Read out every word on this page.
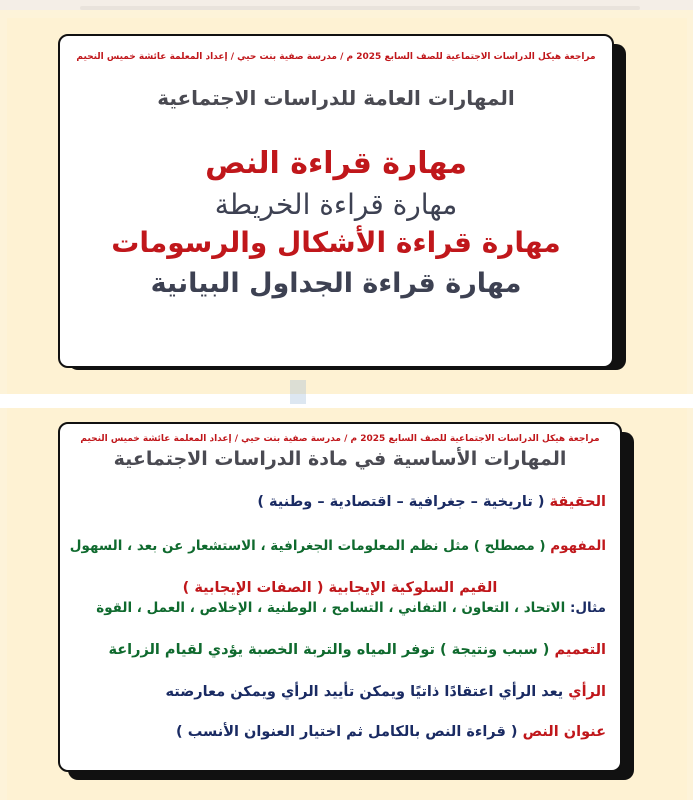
مراجعة هيكل الدراسات الاجتماعية للصف السابع 2025 م / مدرسة صفية بنت حيي / إعداد المعلمة عائشة خميس النحيم
المهارات العامة للدراسات الاجتماعية
مهارة قراءة النص
مهارة قراءة الخريطة
مهارة قراءة الأشكال والرسومات
مهارة قراءة الجداول البيانية
مراجعة هيكل الدراسات الاجتماعية للصف السابع 2025 م / مدرسة صفية بنت حيي / إعداد المعلمة عائشة خميس النحيم
المهارات الأساسية في مادة الدراسات الاجتماعية
الحقيقة ( تاريخية – جغرافية – اقتصادية – وطنية )
المفهوم ( مصطلح ) مثل نظم المعلومات الجغرافية ، الاستشعار عن بعد ، السهول
القيم السلوكية الإيجابية ( الصفات الإيجابية )
مثال: الاتحاد ، التعاون ، التفاني ، التسامح ، الوطنية ، الإخلاص ، العمل ، القوة
التعميم ( سبب ونتيجة ) توفر المياه والتربة الخصبة يؤدي لقيام الزراعة
الرأي يعد الرأي اعتقادًا ذاتيًا ويمكن تأييد الرأي ويمكن معارضته
عنوان النص ( قراءة النص بالكامل ثم اختيار العنوان الأنسب )
